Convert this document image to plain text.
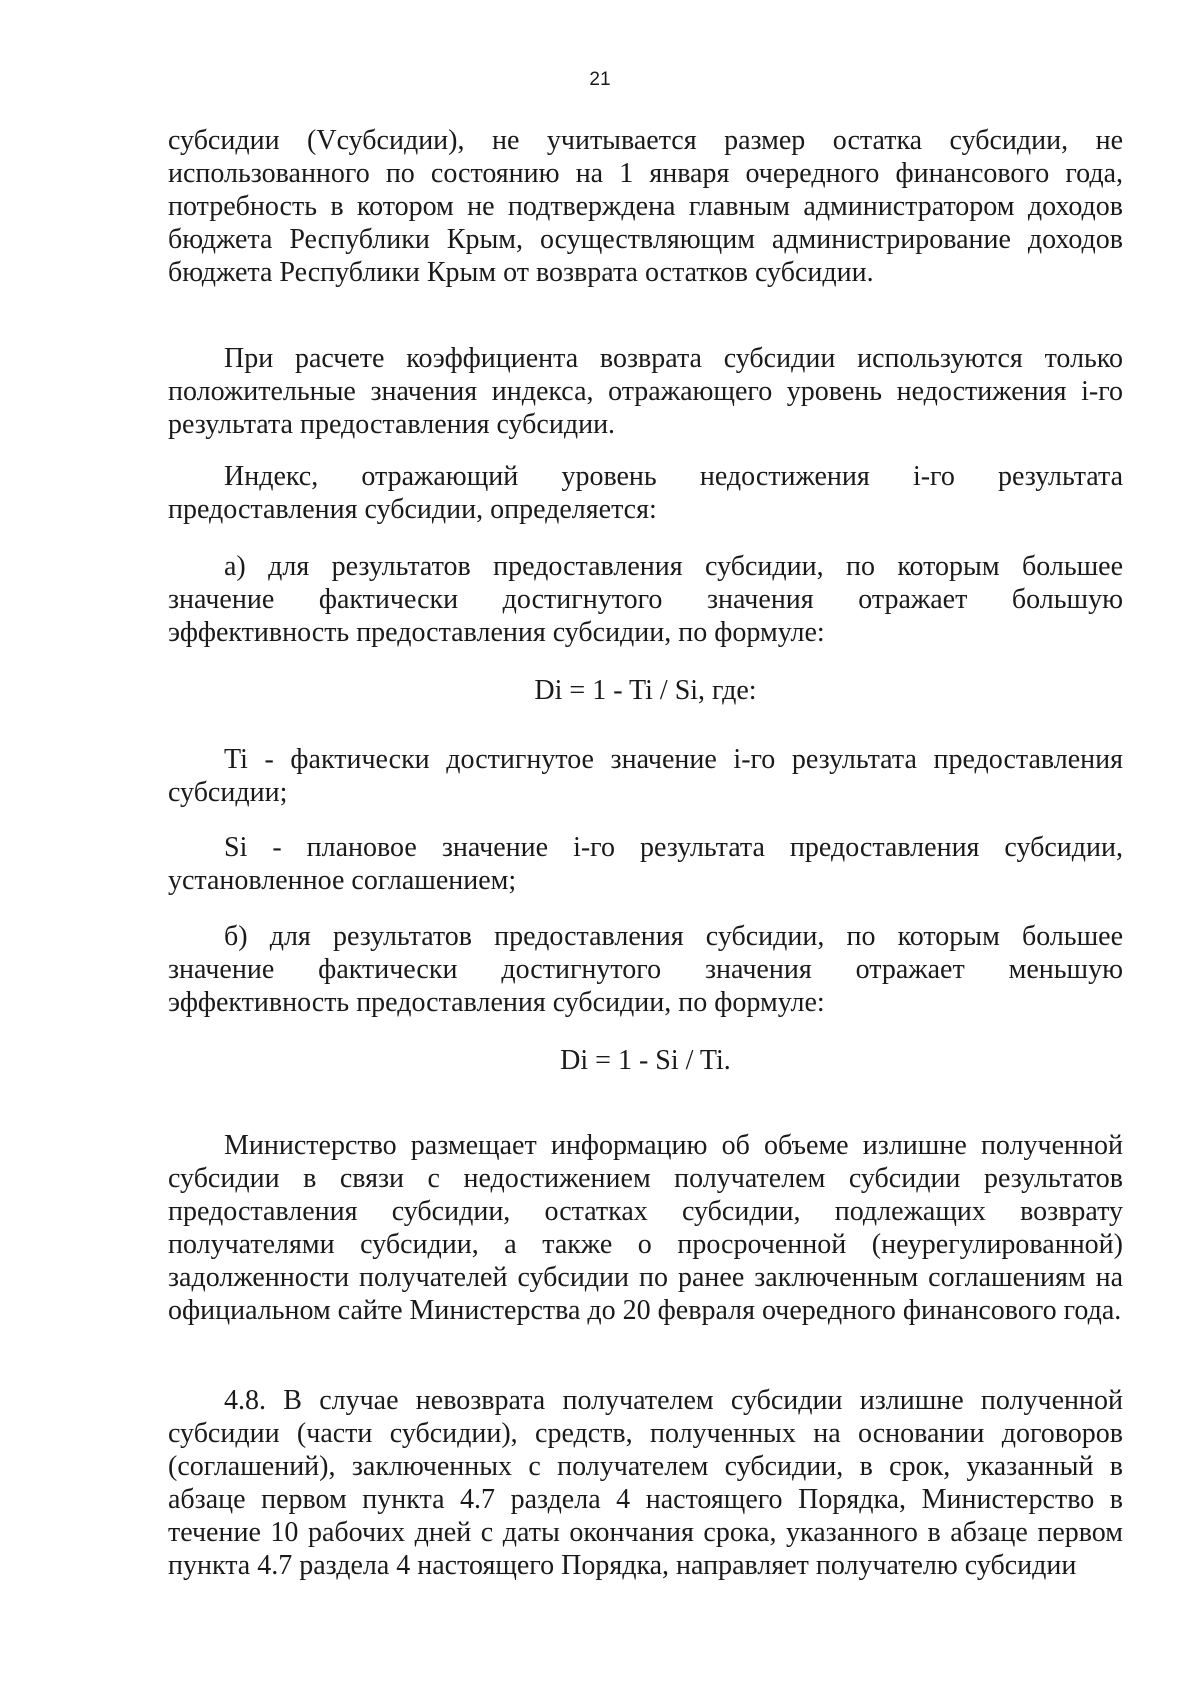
21

субсидии (Vсубсидии), не учитывается размер остатка субсидии, не использованного по состоянию на 1 января очередного финансового года, потребность в котором не подтверждена главным администратором доходов бюджета Республики Крым, осуществляющим администрирование доходов бюджета Республики Крым от возврата остатков субсидии.

При расчете коэффициента возврата субсидии используются только положительные значения индекса, отражающего уровень недостижения i-го результата предоставления субсидии.

Индекс, отражающий уровень недостижения i-го результата предоставления субсидии, определяется:

а) для результатов предоставления субсидии, по которым большее значение фактически достигнутого значения отражает большую эффективность предоставления субсидии, по формуле:

Di = 1 - Ti / Si, где:

Ti - фактически достигнутое значение i-го результата предоставления субсидии;

Si - плановое значение i-го результата предоставления субсидии, установленное соглашением;

б) для результатов предоставления субсидии, по которым большее значение фактически достигнутого значения отражает меньшую эффективность предоставления субсидии, по формуле:

Di = 1 - Si / Ti.

Министерство размещает информацию об объеме излишне полученной субсидии в связи с недостижением получателем субсидии результатов предоставления субсидии, остатках субсидии, подлежащих возврату получателями субсидии, а также о просроченной (неурегулированной) задолженности получателей субсидии по ранее заключенным соглашениям на официальном сайте Министерства до 20 февраля очередного финансового года.

4.8. В случае невозврата получателем субсидии излишне полученной субсидии (части субсидии), средств, полученных на основании договоров (соглашений), заключенных с получателем субсидии, в срок, указанный в абзаце первом пункта 4.7 раздела 4 настоящего Порядка, Министерство в течение 10 рабочих дней с даты окончания срока, указанного в абзаце первом пункта 4.7 раздела 4 настоящего Порядка, направляет получателю субсидии
